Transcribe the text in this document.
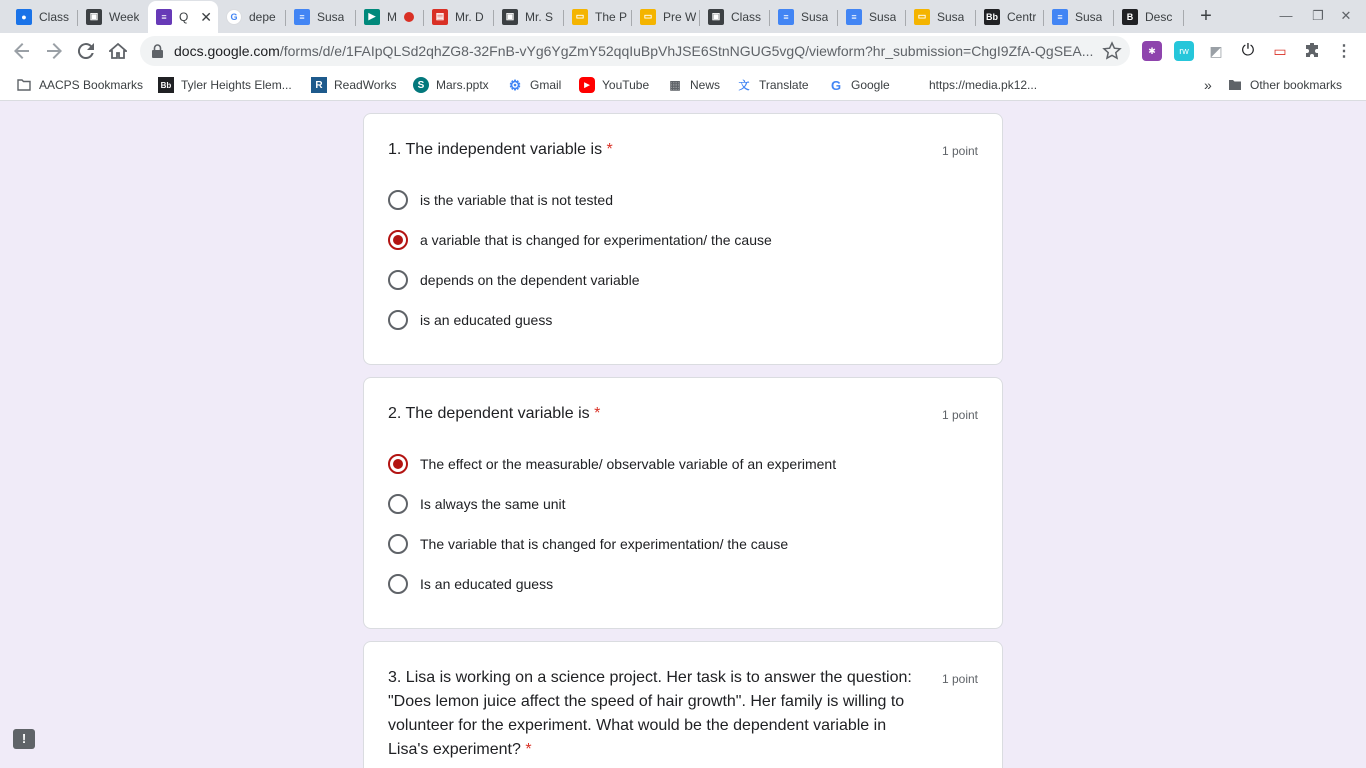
●	Class	▣ Week	≡	Q ✕	G depe	≡	Susa	▶ M	▤ Mr. D	▣ Mr. S	▭ The P	▭ Pre W	▣ Class	≡	Susa	≡	Susa	▭ Susa Bb Centr	≡	Susa	B Desc +	—	❐	✕
docs.google.com/forms/d/e/1FAIpQLSd2qhZG8-32FnB-vYg6YgZmY52qqIuBpVhJSE6StnNGUG5vgQ/viewform?hr_submission=ChgI9ZfA-QgSEA...	✱	rw	◩ ⏻ ▭	⋮
AACPS Bookmarks	Bb Tyler Heights Elem...	R ReadWorks	S Mars.pptx ⚙ Gmail	▶	YouTube ▦ News 文 Translate G Google	https://media.pk12...	»	Other bookmarks
1. The independent variable is *	1 point
is the variable that is not tested
a variable that is changed for experimentation/ the cause
depends on the dependent variable
is an educated guess
2. The dependent variable is *	1 point
The effect or the measurable/ observable variable of an experiment
Is always the same unit
The variable that is changed for experimentation/ the cause
Is an educated guess
3. Lisa is working on a science project. Her task is to answer the question:
"Does lemon juice affect the speed of hair growth". Her family is willing to
volunteer for the experiment. What would be the dependent variable in
Lisa's experiment? *
1 point
!
